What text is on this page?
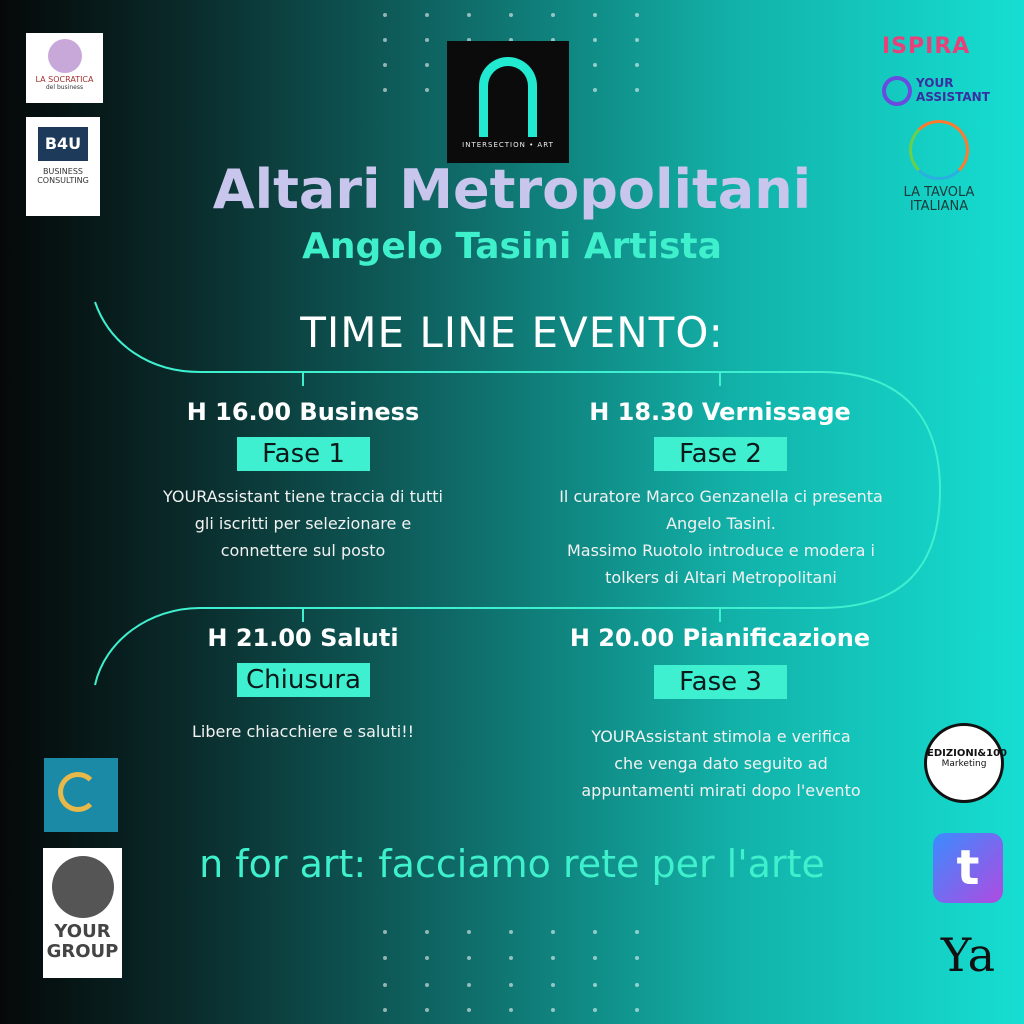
INTERSECTION • ART
Altari Metropolitani
Angelo Tasini Artista
TIME LINE EVENTO:
H 16.00 Business
Fase 1
YOURAssistant tiene traccia di tutti
gli iscritti per selezionare e
connettere sul posto
H 18.30 Vernissage
Fase 2
Il curatore Marco Genzanella ci presenta
Angelo Tasini.
Massimo Ruotolo introduce e modera i
tolkers di Altari Metropolitani
H 21.00 Saluti
Chiusura
Libere chiacchiere e saluti!!
H 20.00 Pianificazione
Fase 3
YOURAssistant stimola e verifica
che venga dato seguito ad
appuntamenti mirati dopo l'evento
n for art: facciamo rete per l'arte
LA SOCRATICA
del business
B4U
BUSINESS
CONSULTING
YOUR
GROUP
ISPIRA
YOUR
ASSISTANT
LA TAVOLA
ITALIANA
EDIZIONI&100
Marketing
t
Ya
